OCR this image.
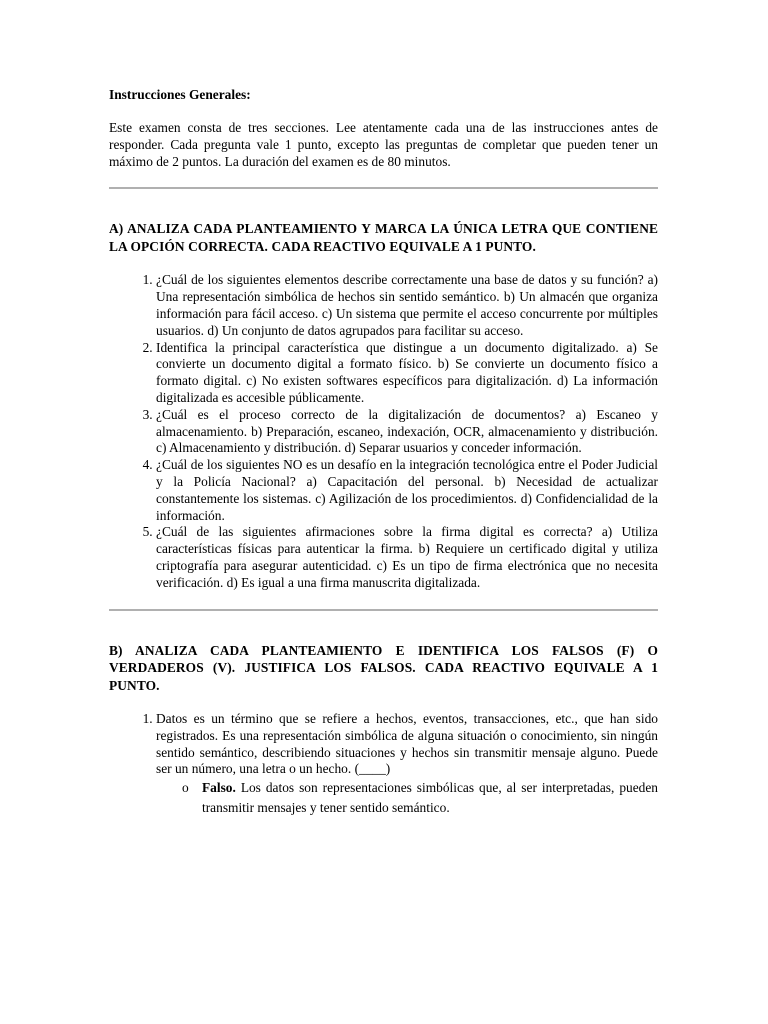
Instrucciones Generales:

Este examen consta de tres secciones. Lee atentamente cada una de las instrucciones antes de responder. Cada pregunta vale 1 punto, excepto las preguntas de completar que pueden tener un máximo de 2 puntos. La duración del examen es de 80 minutos.

A) ANALIZA CADA PLANTEAMIENTO Y MARCA LA ÚNICA LETRA QUE CONTIENE LA OPCIÓN CORRECTA. CADA REACTIVO EQUIVALE A 1 PUNTO.

1. ¿Cuál de los siguientes elementos describe correctamente una base de datos y su función? a) Una representación simbólica de hechos sin sentido semántico. b) Un almacén que organiza información para fácil acceso. c) Un sistema que permite el acceso concurrente por múltiples usuarios. d) Un conjunto de datos agrupados para facilitar su acceso.
2. Identifica la principal característica que distingue a un documento digitalizado. a) Se convierte un documento digital a formato físico. b) Se convierte un documento físico a formato digital. c) No existen softwares específicos para digitalización. d) La información digitalizada es accesible públicamente.
3. ¿Cuál es el proceso correcto de la digitalización de documentos? a) Escaneo y almacenamiento. b) Preparación, escaneo, indexación, OCR, almacenamiento y distribución. c) Almacenamiento y distribución. d) Separar usuarios y conceder información.
4. ¿Cuál de los siguientes NO es un desafío en la integración tecnológica entre el Poder Judicial y la Policía Nacional? a) Capacitación del personal. b) Necesidad de actualizar constantemente los sistemas. c) Agilización de los procedimientos. d) Confidencialidad de la información.
5. ¿Cuál de las siguientes afirmaciones sobre la firma digital es correcta? a) Utiliza características físicas para autenticar la firma. b) Requiere un certificado digital y utiliza criptografía para asegurar autenticidad. c) Es un tipo de firma electrónica que no necesita verificación. d) Es igual a una firma manuscrita digitalizada.

B) ANALIZA CADA PLANTEAMIENTO E IDENTIFICA LOS FALSOS (F) O VERDADEROS (V). JUSTIFICA LOS FALSOS. CADA REACTIVO EQUIVALE A 1 PUNTO.

1. Datos es un término que se refiere a hechos, eventos, transacciones, etc., que han sido registrados. Es una representación simbólica de alguna situación o conocimiento, sin ningún sentido semántico, describiendo situaciones y hechos sin transmitir mensaje alguno. Puede ser un número, una letra o un hecho. (____)
o Falso. Los datos son representaciones simbólicas que, al ser interpretadas, pueden transmitir mensajes y tener sentido semántico.
